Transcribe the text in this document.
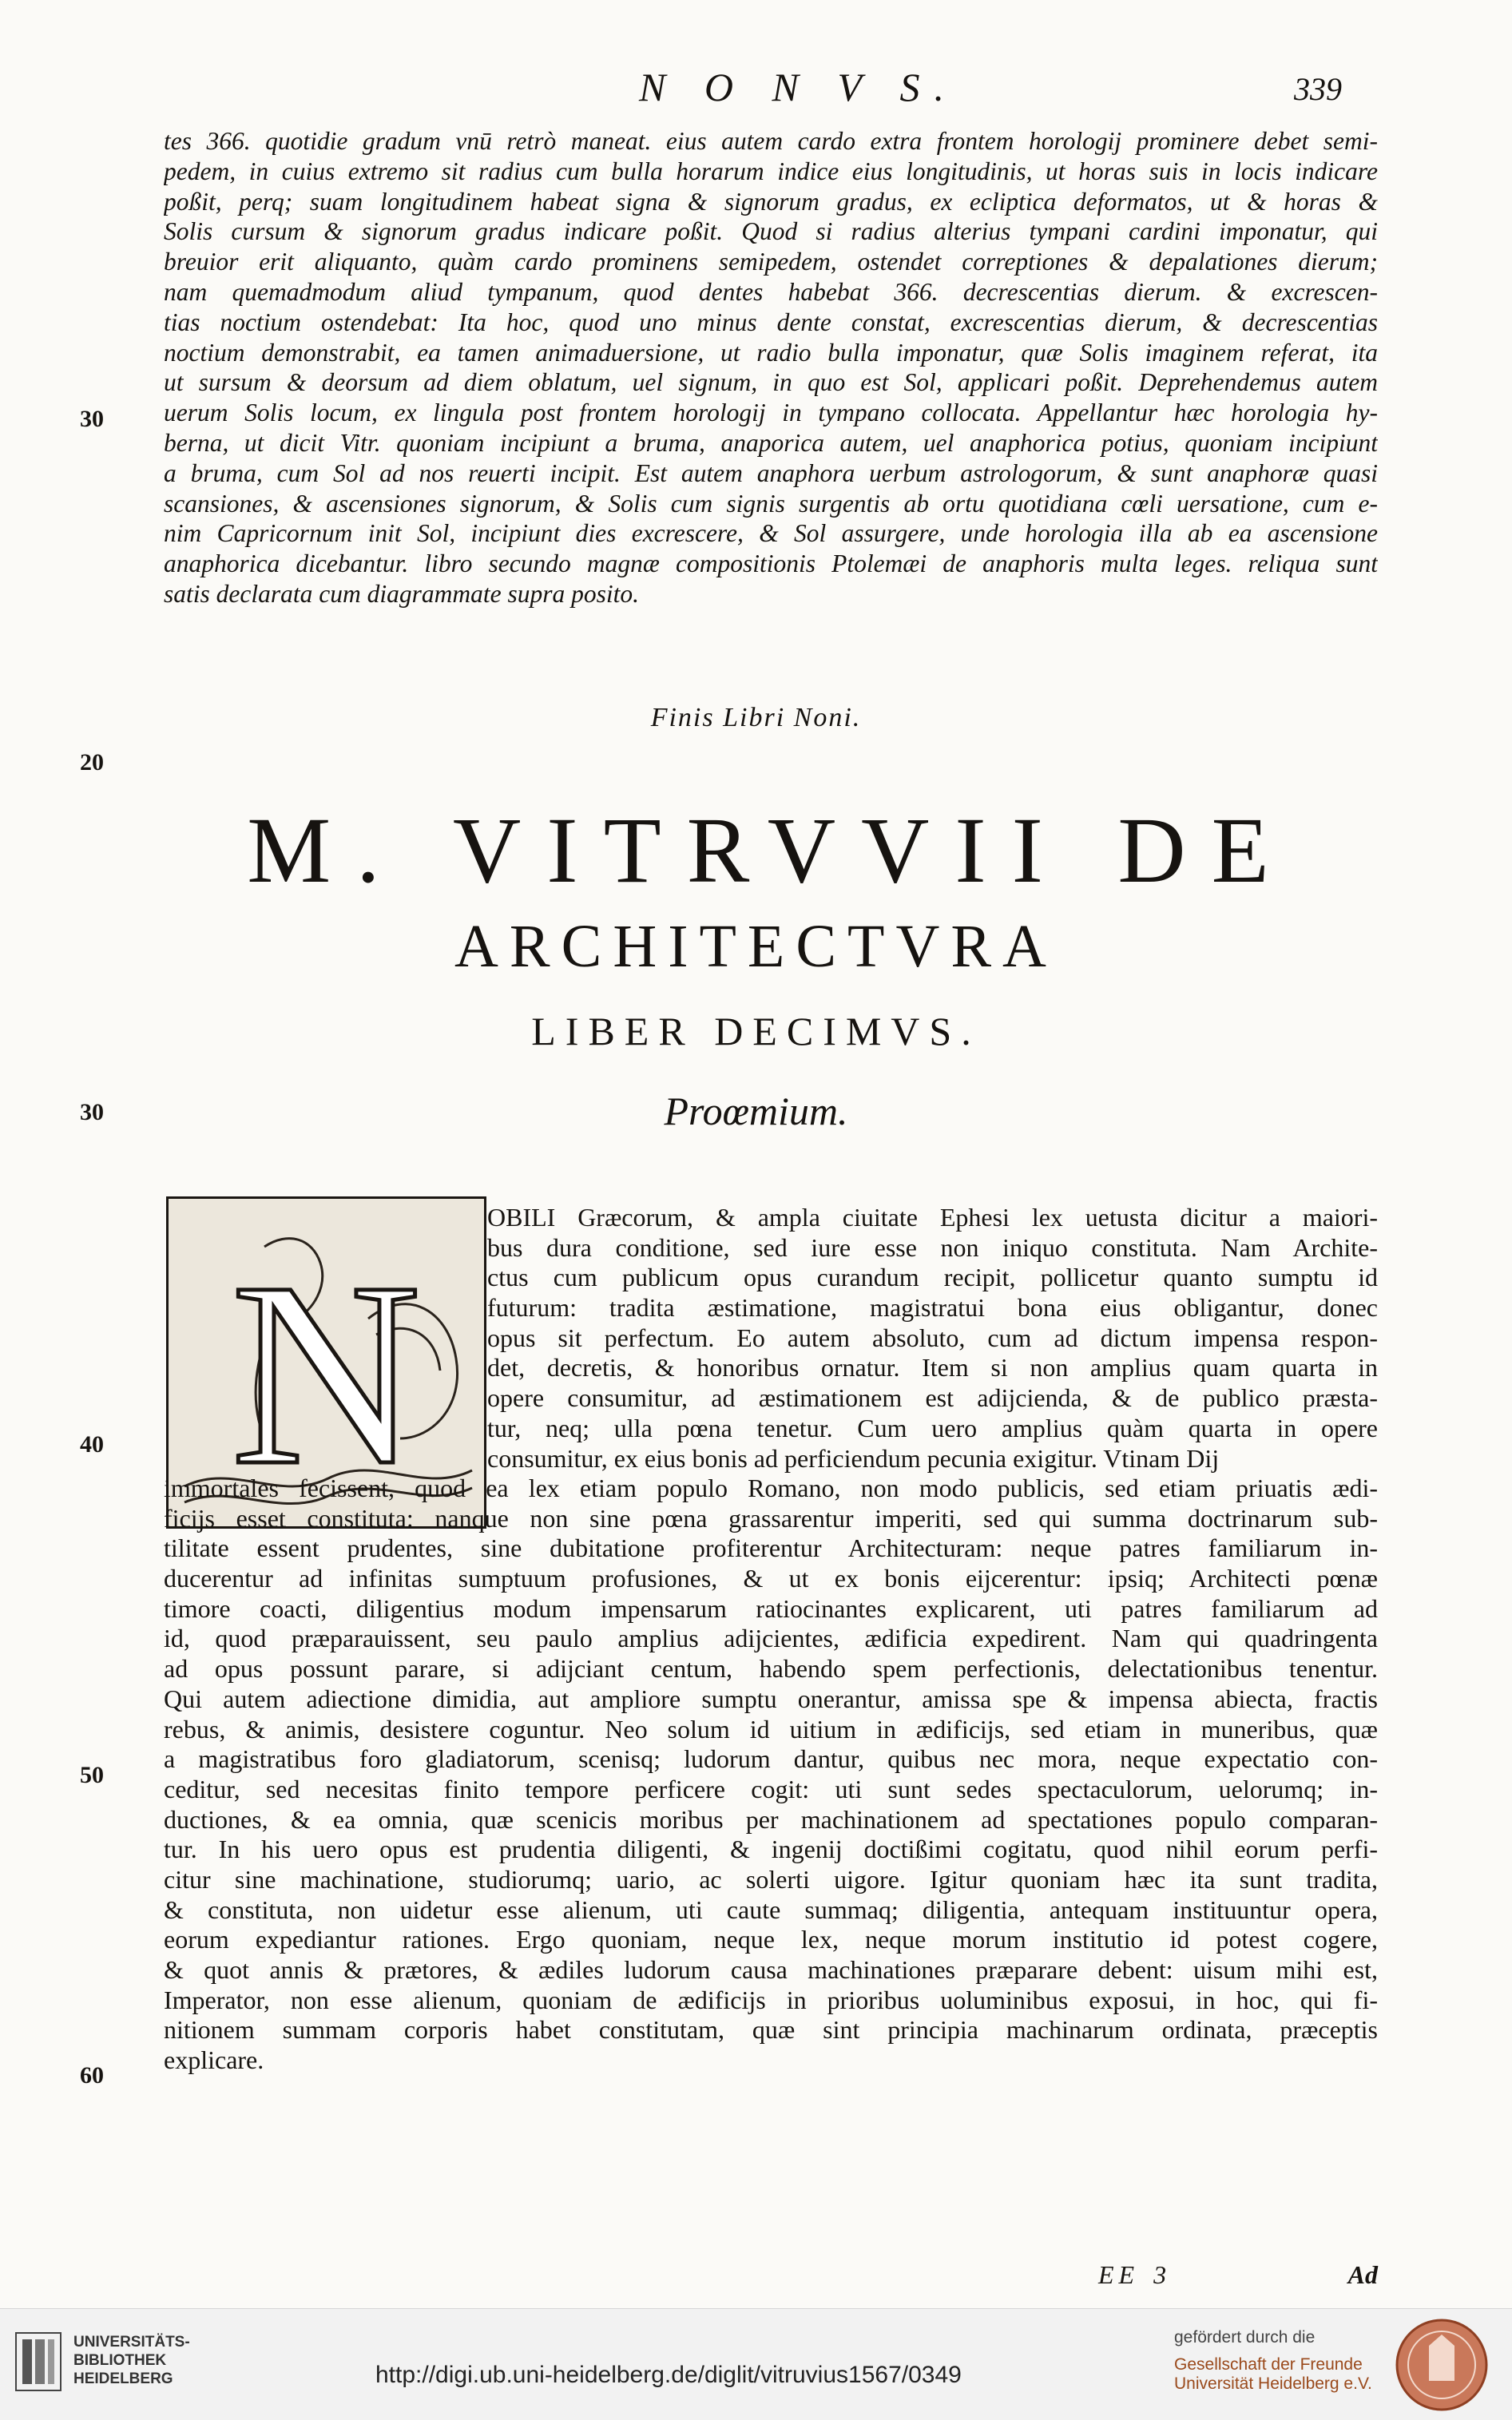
N O N V S.	339
tes 366. quotidie gradum vnū retrò maneat. eius autem cardo extra frontem horologij prominere debet semi-
pedem, in cuius extremo sit radius cum bulla horarum indice eius longitudinis, ut horas suis in locis indicare
poßit, perq; suam longitudinem habeat signa & signorum gradus, ex ecliptica deformatos, ut & horas &
Solis cursum & signorum gradus indicare poßit. Quod si radius alterius tympani cardini imponatur, qui
breuior erit aliquanto, quàm cardo prominens semipedem, ostendet correptiones & depalationes dierum;
nam quemadmodum aliud tympanum, quod dentes habebat 366. decrescentias dierum. & excrescen-
tias noctium ostendebat: Ita hoc, quod uno minus dente constat, excrescentias dierum, & decrescentias
noctium demonstrabit, ea tamen animaduersione, ut radio bulla imponatur, quæ Solis imaginem referat, ita
ut sursum & deorsum ad diem oblatum, uel signum, in quo est Sol, applicari poßit. Deprehendemus autem
uerum Solis locum, ex lingula post frontem horologij in tympano collocata. Appellantur hæc horologia hy-
berna, ut dicit Vitr. quoniam incipiunt a bruma, anaporica autem, uel anaphorica potius, quoniam incipiunt
a bruma, cum Sol ad nos reuerti incipit. Est autem anaphora uerbum astrologorum, & sunt anaphoræ quasi
scansiones, & ascensiones signorum, & Solis cum signis surgentis ab ortu quotidiana cœli uersatione, cum e-
nim Capricornum init Sol, incipiunt dies excrescere, & Sol assurgere, unde horologia illa ab ea ascensione
anaphorica dicebantur. libro secundo magnæ compositionis Ptolemæi de anaphoris multa leges. reliqua sunt
satis declarata cum diagrammate supra posito.
30
20
30
40
50
60
Finis Libri Noni.
M. VITRVVII DE
ARCHITECTVRA
LIBER DECIMVS.
Proœmium.
N
OBILI Græcorum, & ampla ciuitate Ephesi lex uetusta dicitur a maiori-
bus dura conditione, sed iure esse non iniquo constituta. Nam Archite-
ctus cum publicum opus curandum recipit, pollicetur quanto sumptu id
futurum: tradita æstimatione, magistratui bona eius obligantur, donec
opus sit perfectum. Eo autem absoluto, cum ad dictum impensa respon-
det, decretis, & honoribus ornatur. Item si non amplius quam quarta in
opere consumitur, ad æstimationem est adijcienda, & de publico præsta-
tur, neq; ulla pœna tenetur. Cum uero amplius quàm quarta in opere
consumitur, ex eius bonis ad perficiendum pecunia exigitur. Vtinam Dij
immortales fecissent, quod ea lex etiam populo Romano, non modo publicis, sed etiam priuatis ædi-
ficijs esset constituta: nanque non sine pœna grassarentur imperiti, sed qui summa doctrinarum sub-
tilitate essent prudentes, sine dubitatione profiterentur Architecturam: neque patres familiarum in-
ducerentur ad infinitas sumptuum profusiones, & ut ex bonis eijcerentur: ipsiq; Architecti pœnæ
timore coacti, diligentius modum impensarum ratiocinantes explicarent, uti patres familiarum ad
id, quod præparauissent, seu paulo amplius adijcientes, ædificia expedirent. Nam qui quadringenta
ad opus possunt parare, si adijciant centum, habendo spem perfectionis, delectationibus tenentur.
Qui autem adiectione dimidia, aut ampliore sumptu onerantur, amissa spe & impensa abiecta, fractis
rebus, & animis, desistere coguntur. Neo solum id uitium in ædificijs, sed etiam in muneribus, quæ
a magistratibus foro gladiatorum, scenisq; ludorum dantur, quibus nec mora, neque expectatio con-
ceditur, sed necesitas finito tempore perficere cogit: uti sunt sedes spectaculorum, uelorumq; in-
ductiones, & ea omnia, quæ scenicis moribus per machinationem ad spectationes populo comparan-
tur. In his uero opus est prudentia diligenti, & ingenij doctißimi cogitatu, quod nihil eorum perfi-
citur sine machinatione, studiorumq; uario, ac solerti uigore. Igitur quoniam hæc ita sunt tradita,
& constituta, non uidetur esse alienum, uti caute summaq; diligentia, antequam instituuntur opera,
eorum expediantur rationes. Ergo quoniam, neque lex, neque morum institutio id potest cogere,
& quot annis & prætores, & ædiles ludorum causa machinationes præparare debent: uisum mihi est,
Imperator, non esse alienum, quoniam de ædificijs in prioribus uoluminibus exposui, in hoc, qui fi-
nitionem summam corporis habet constitutam, quæ sint principia machinarum ordinata, præceptis
explicare.
EE 3	Ad
UNIVERSITÄTS-
BIBLIOTHEK
HEIDELBERG	http://digi.ub.uni-heidelberg.de/diglit/vitruvius1567/0349
gefördert durch die
Gesellschaft der Freunde
Universität Heidelberg e.V.
